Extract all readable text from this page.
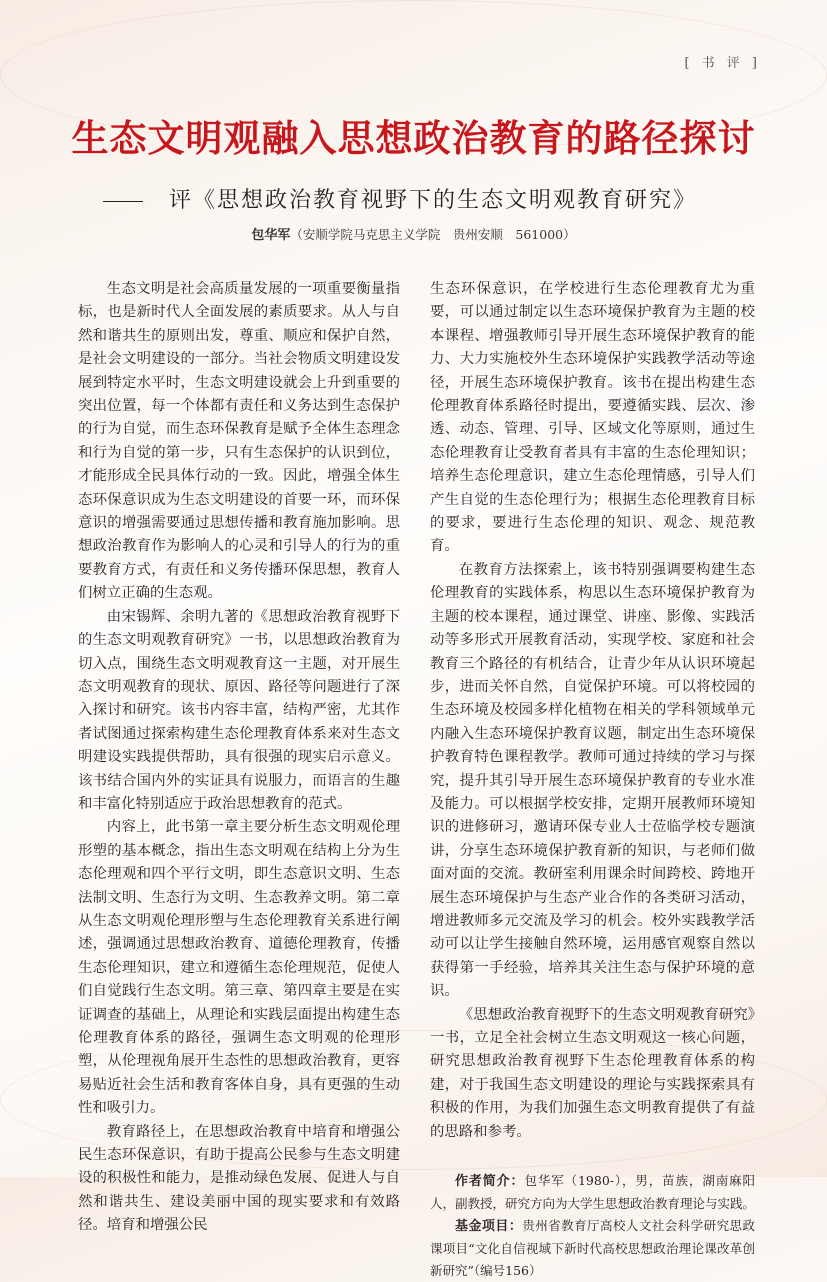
[ 书 评 ]
生态文明观融入思想政治教育的路径探讨
评《思想政治教育视野下的生态文明观教育研究》
包华军（安顺学院马克思主义学院　贵州安顺　561000）

生态文明是社会高质量发展的一项重要衡量指标，也是新时代人全面发展的素质要求。从人与自然和谐共生的原则出发，尊重、顺应和保护自然，是社会文明建设的一部分。当社会物质文明建设发展到特定水平时，生态文明建设就会上升到重要的突出位置，每一个体都有责任和义务达到生态保护的行为自觉，而生态环保教育是赋予全体生态理念和行为自觉的第一步，只有生态保护的认识到位，才能形成全民具体行动的一致。因此，增强全体生态环保意识成为生态文明建设的首要一环，而环保意识的增强需要通过思想传播和教育施加影响。思想政治教育作为影响人的心灵和引导人的行为的重要教育方式，有责任和义务传播环保思想，教育人们树立正确的生态观。

由宋锡辉、余明九著的《思想政治教育视野下的生态文明观教育研究》一书，以思想政治教育为切入点，围绕生态文明观教育这一主题，对开展生态文明观教育的现状、原因、路径等问题进行了深入探讨和研究。该书内容丰富，结构严密，尤其作者试图通过探索构建生态伦理教育体系来对生态文明建设实践提供帮助，具有很强的现实启示意义。该书结合国内外的实证具有说服力，而语言的生趣和丰富化特别适应于政治思想教育的范式。

内容上，此书第一章主要分析生态文明观伦理形塑的基本概念，指出生态文明观在结构上分为生态伦理观和四个平行文明，即生态意识文明、生态法制文明、生态行为文明、生态教养文明。第二章从生态文明观伦理形塑与生态伦理教育关系进行阐述，强调通过思想政治教育、道德伦理教育，传播生态伦理知识，建立和遵循生态伦理规范，促使人们自觉践行生态文明。第三章、第四章主要是在实证调查的基础上，从理论和实践层面提出构建生态伦理教育体系的路径，强调生态文明观的伦理形塑，从伦理视角展开生态性的思想政治教育，更容易贴近社会生活和教育客体自身，具有更强的生动性和吸引力。

教育路径上，在思想政治教育中培育和增强公民生态环保意识，有助于提高公民参与生态文明建设的积极性和能力，是推动绿色发展、促进人与自然和谐共生、建设美丽中国的现实要求和有效路径。培育和增强公民

生态环保意识，在学校进行生态伦理教育尤为重要，可以通过制定以生态环境保护教育为主题的校本课程、增强教师引导开展生态环境保护教育的能力、大力实施校外生态环境保护实践教学活动等途径，开展生态环境保护教育。该书在提出构建生态伦理教育体系路径时提出，要遵循实践、层次、渗透、动态、管理、引导、区域文化等原则，通过生态伦理教育让受教育者具有丰富的生态伦理知识；培养生态伦理意识，建立生态伦理情感，引导人们产生自觉的生态伦理行为；根据生态伦理教育目标的要求，要进行生态伦理的知识、观念、规范教育。

在教育方法探索上，该书特别强调要构建生态伦理教育的实践体系，构思以生态环境保护教育为主题的校本课程，通过课堂、讲座、影像、实践活动等多形式开展教育活动，实现学校、家庭和社会教育三个路径的有机结合，让青少年从认识环境起步，进而关怀自然，自觉保护环境。可以将校园的生态环境及校园多样化植物在相关的学科领域单元内融入生态环境保护教育议题，制定出生态环境保护教育特色课程教学。教师可通过持续的学习与探究，提升其引导开展生态环境保护教育的专业水准及能力。可以根据学校安排，定期开展教师环境知识的进修研习，邀请环保专业人士莅临学校专题演讲，分享生态环境保护教育新的知识，与老师们做面对面的交流。教研室利用课余时间跨校、跨地开展生态环境保护与生态产业合作的各类研习活动，增进教师多元交流及学习的机会。校外实践教学活动可以让学生接触自然环境，运用感官观察自然以获得第一手经验，培养其关注生态与保护环境的意识。

《思想政治教育视野下的生态文明观教育研究》一书，立足全社会树立生态文明观这一核心问题，研究思想政治教育视野下生态伦理教育体系的构建，对于我国生态文明建设的理论与实践探索具有积极的作用，为我们加强生态文明教育提供了有益的思路和参考。

作者简介：包华军（1980-），男，苗族，湖南麻阳人，副教授，研究方向为大学生思想政治教育理论与实践。

基金项目：贵州省教育厅高校人文社会科学研究思政课项目“文化自信视域下新时代高校思想政治理论课改革创新研究”（编号156）
